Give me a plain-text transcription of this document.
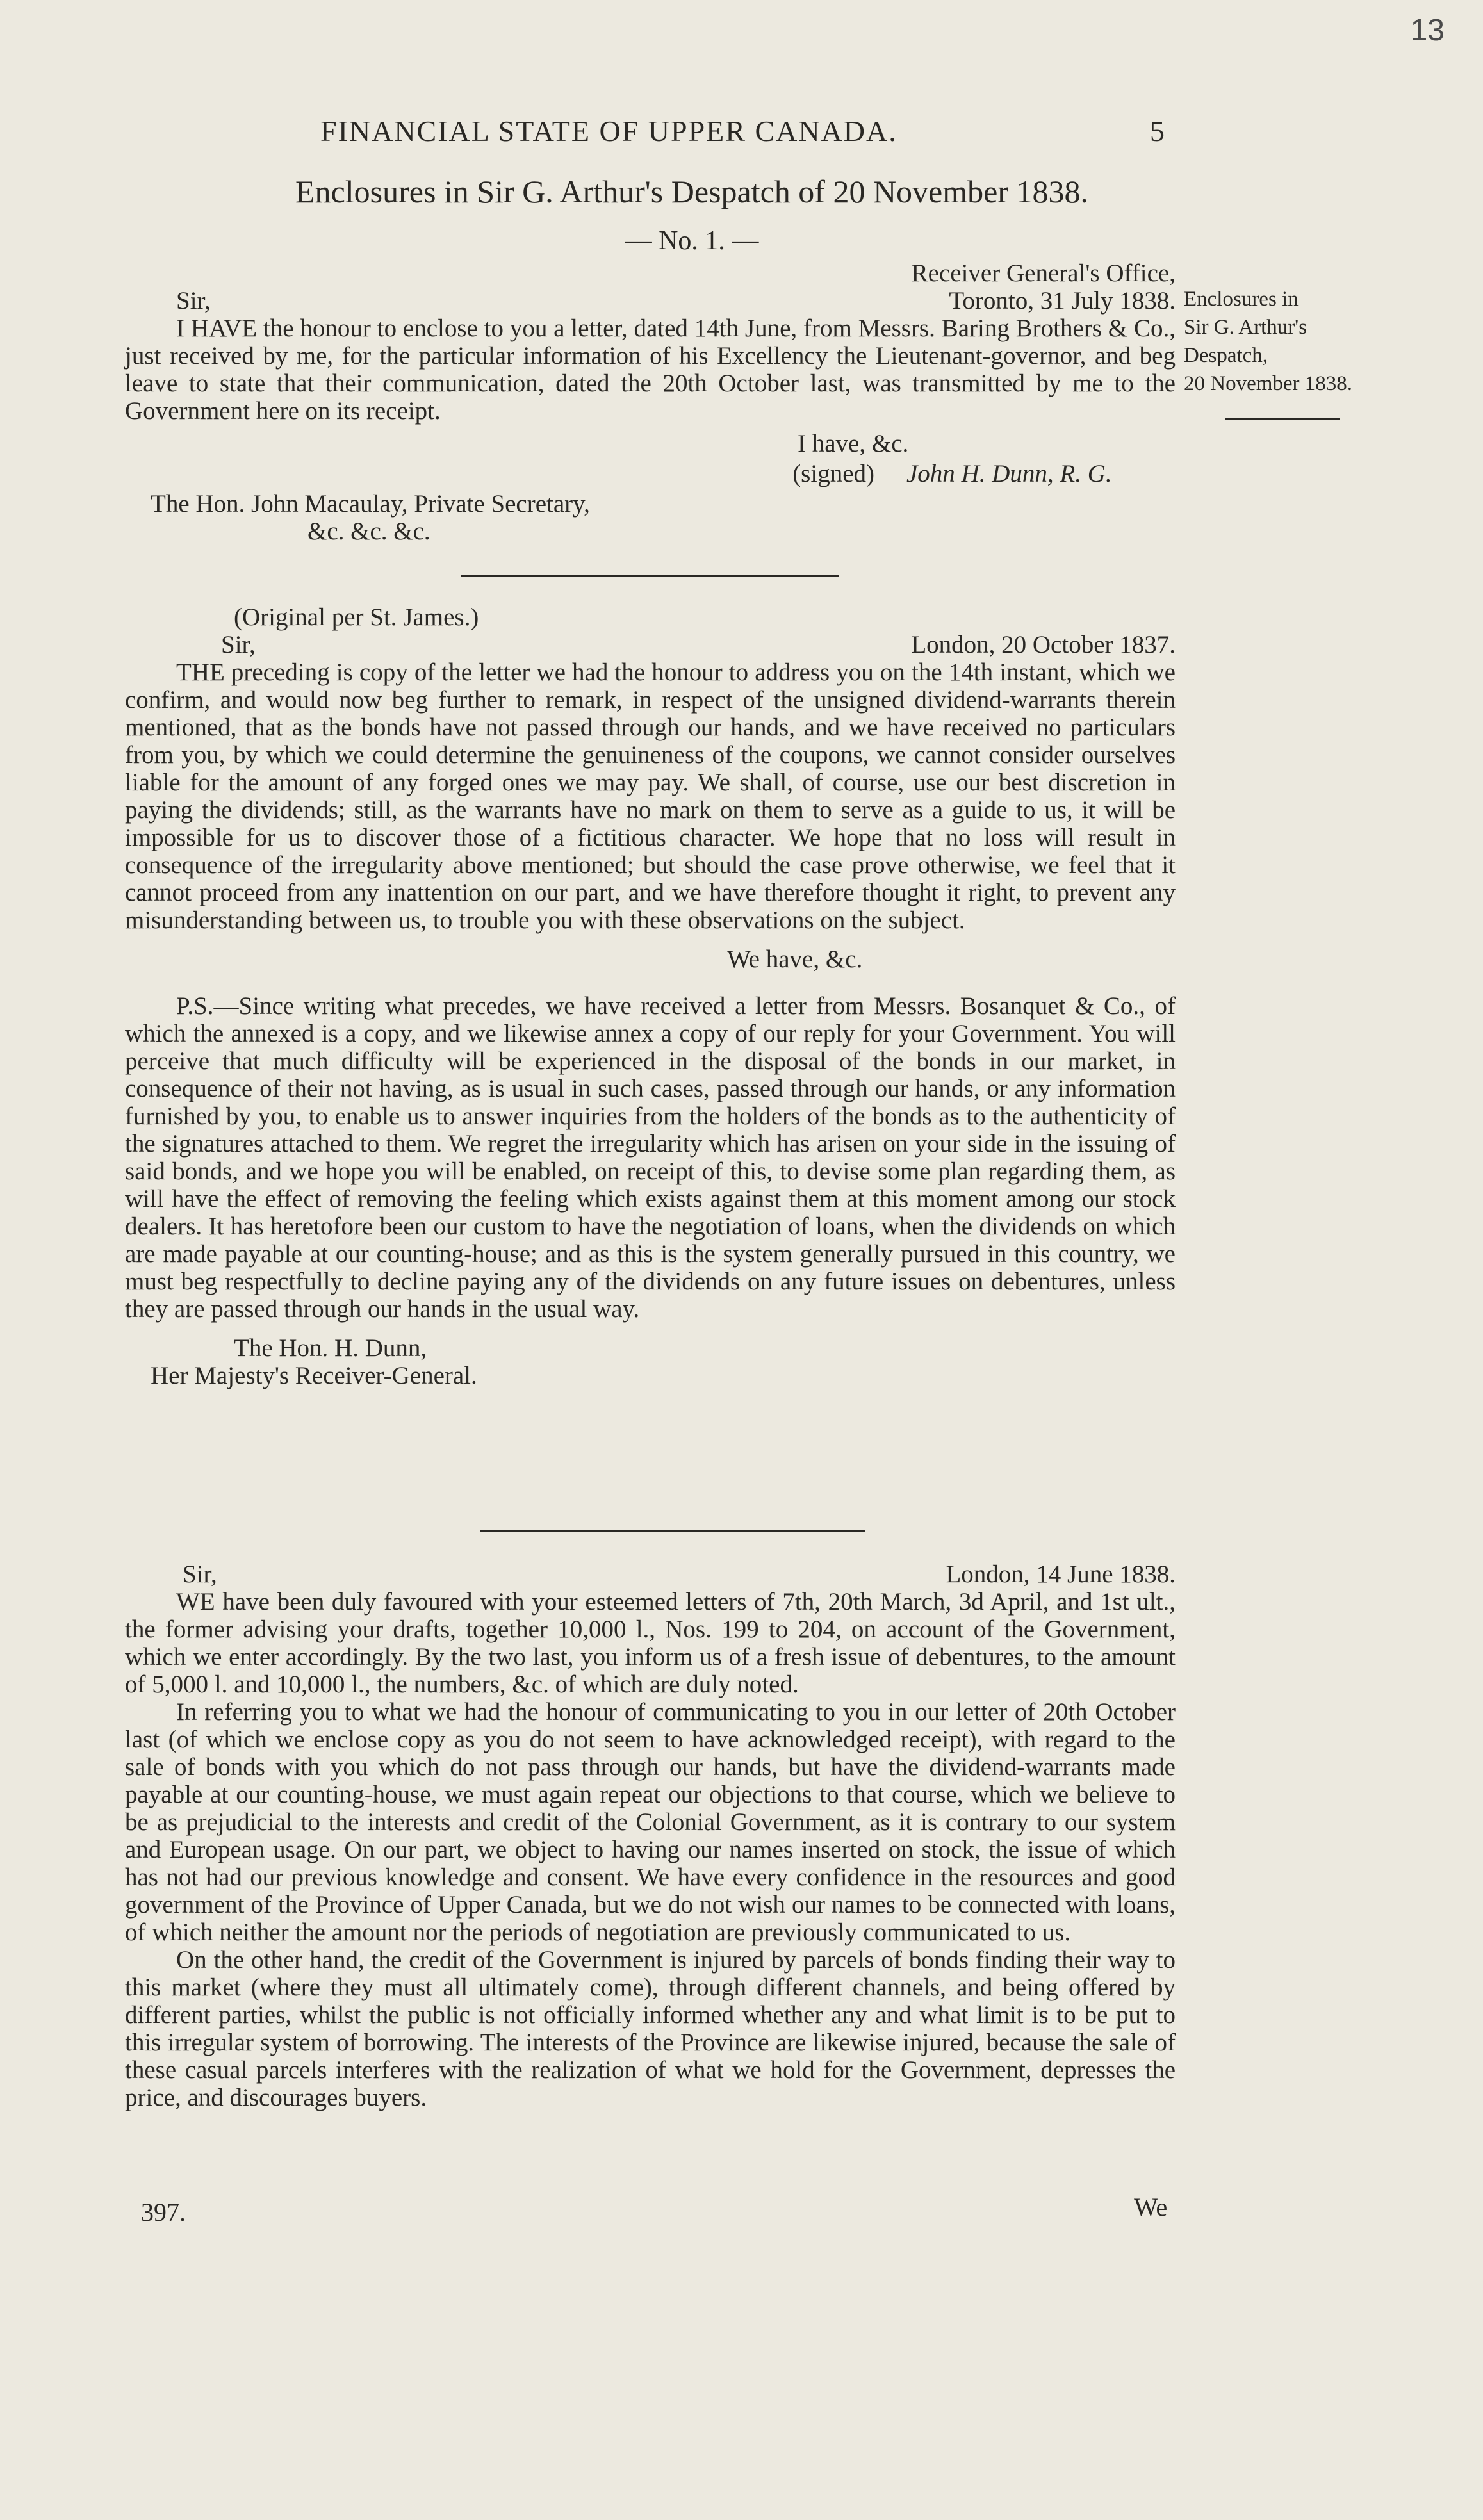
13
FINANCIAL STATE OF UPPER CANADA.	5
Enclosures in Sir G. Arthur's Despatch of 20 November 1838.
— No. 1. —
Enclosures in
Sir G. Arthur's
Despatch,
20 November 1838.

Receiver General's Office,

Sir,	Toronto, 31 July 1838.

I HAVE the honour to enclose to you a letter, dated 14th June, from Messrs. Baring Brothers & Co., just received by me, for the particular information of his Excellency the Lieutenant-governor, and beg leave to state that their communication, dated the 20th October last, was transmitted by me to the Government here on its receipt.

I have, &c.

(signed) John H. Dunn, R. G.

The Hon. John Macaulay, Private Secretary,

&c. &c. &c.

(Original per St. James.)

Sir,	London, 20 October 1837.

THE preceding is copy of the letter we had the honour to address you on the 14th instant, which we confirm, and would now beg further to remark, in respect of the unsigned dividend-warrants therein mentioned, that as the bonds have not passed through our hands, and we have received no particulars from you, by which we could determine the genuineness of the coupons, we cannot consider ourselves liable for the amount of any forged ones we may pay. We shall, of course, use our best discretion in paying the dividends; still, as the warrants have no mark on them to serve as a guide to us, it will be impossible for us to discover those of a fictitious character. We hope that no loss will result in consequence of the irregularity above mentioned; but should the case prove otherwise, we feel that it cannot proceed from any inattention on our part, and we have therefore thought it right, to prevent any misunderstanding between us, to trouble you with these observations on the subject.

We have, &c.

P.S.—Since writing what precedes, we have received a letter from Messrs. Bosanquet & Co., of which the annexed is a copy, and we likewise annex a copy of our reply for your Government. You will perceive that much difficulty will be experienced in the disposal of the bonds in our market, in consequence of their not having, as is usual in such cases, passed through our hands, or any information furnished by you, to enable us to answer inquiries from the holders of the bonds as to the authenticity of the signatures attached to them. We regret the irregularity which has arisen on your side in the issuing of said bonds, and we hope you will be enabled, on receipt of this, to devise some plan regarding them, as will have the effect of removing the feeling which exists against them at this moment among our stock dealers. It has heretofore been our custom to have the negotiation of loans, when the dividends on which are made payable at our counting-house; and as this is the system generally pursued in this country, we must beg respectfully to decline paying any of the dividends on any future issues on debentures, unless they are passed through our hands in the usual way.

The Hon. H. Dunn,

Her Majesty's Receiver-General.

Sir,	London, 14 June 1838.

WE have been duly favoured with your esteemed letters of 7th, 20th March, 3d April, and 1st ult., the former advising your drafts, together 10,000 l., Nos. 199 to 204, on account of the Government, which we enter accordingly. By the two last, you inform us of a fresh issue of debentures, to the amount of 5,000 l. and 10,000 l., the numbers, &c. of which are duly noted.

In referring you to what we had the honour of communicating to you in our letter of 20th October last (of which we enclose copy as you do not seem to have acknowledged receipt), with regard to the sale of bonds with you which do not pass through our hands, but have the dividend-warrants made payable at our counting-house, we must again repeat our objections to that course, which we believe to be as prejudicial to the interests and credit of the Colonial Government, as it is contrary to our system and European usage. On our part, we object to having our names inserted on stock, the issue of which has not had our previous knowledge and consent. We have every confidence in the resources and good government of the Province of Upper Canada, but we do not wish our names to be connected with loans, of which neither the amount nor the periods of negotiation are previously communicated to us.

On the other hand, the credit of the Government is injured by parcels of bonds finding their way to this market (where they must all ultimately come), through different channels, and being offered by different parties, whilst the public is not officially informed whether any and what limit is to be put to this irregular system of borrowing. The interests of the Province are likewise injured, because the sale of these casual parcels interferes with the realization of what we hold for the Government, depresses the price, and discourages buyers.

397.	We
